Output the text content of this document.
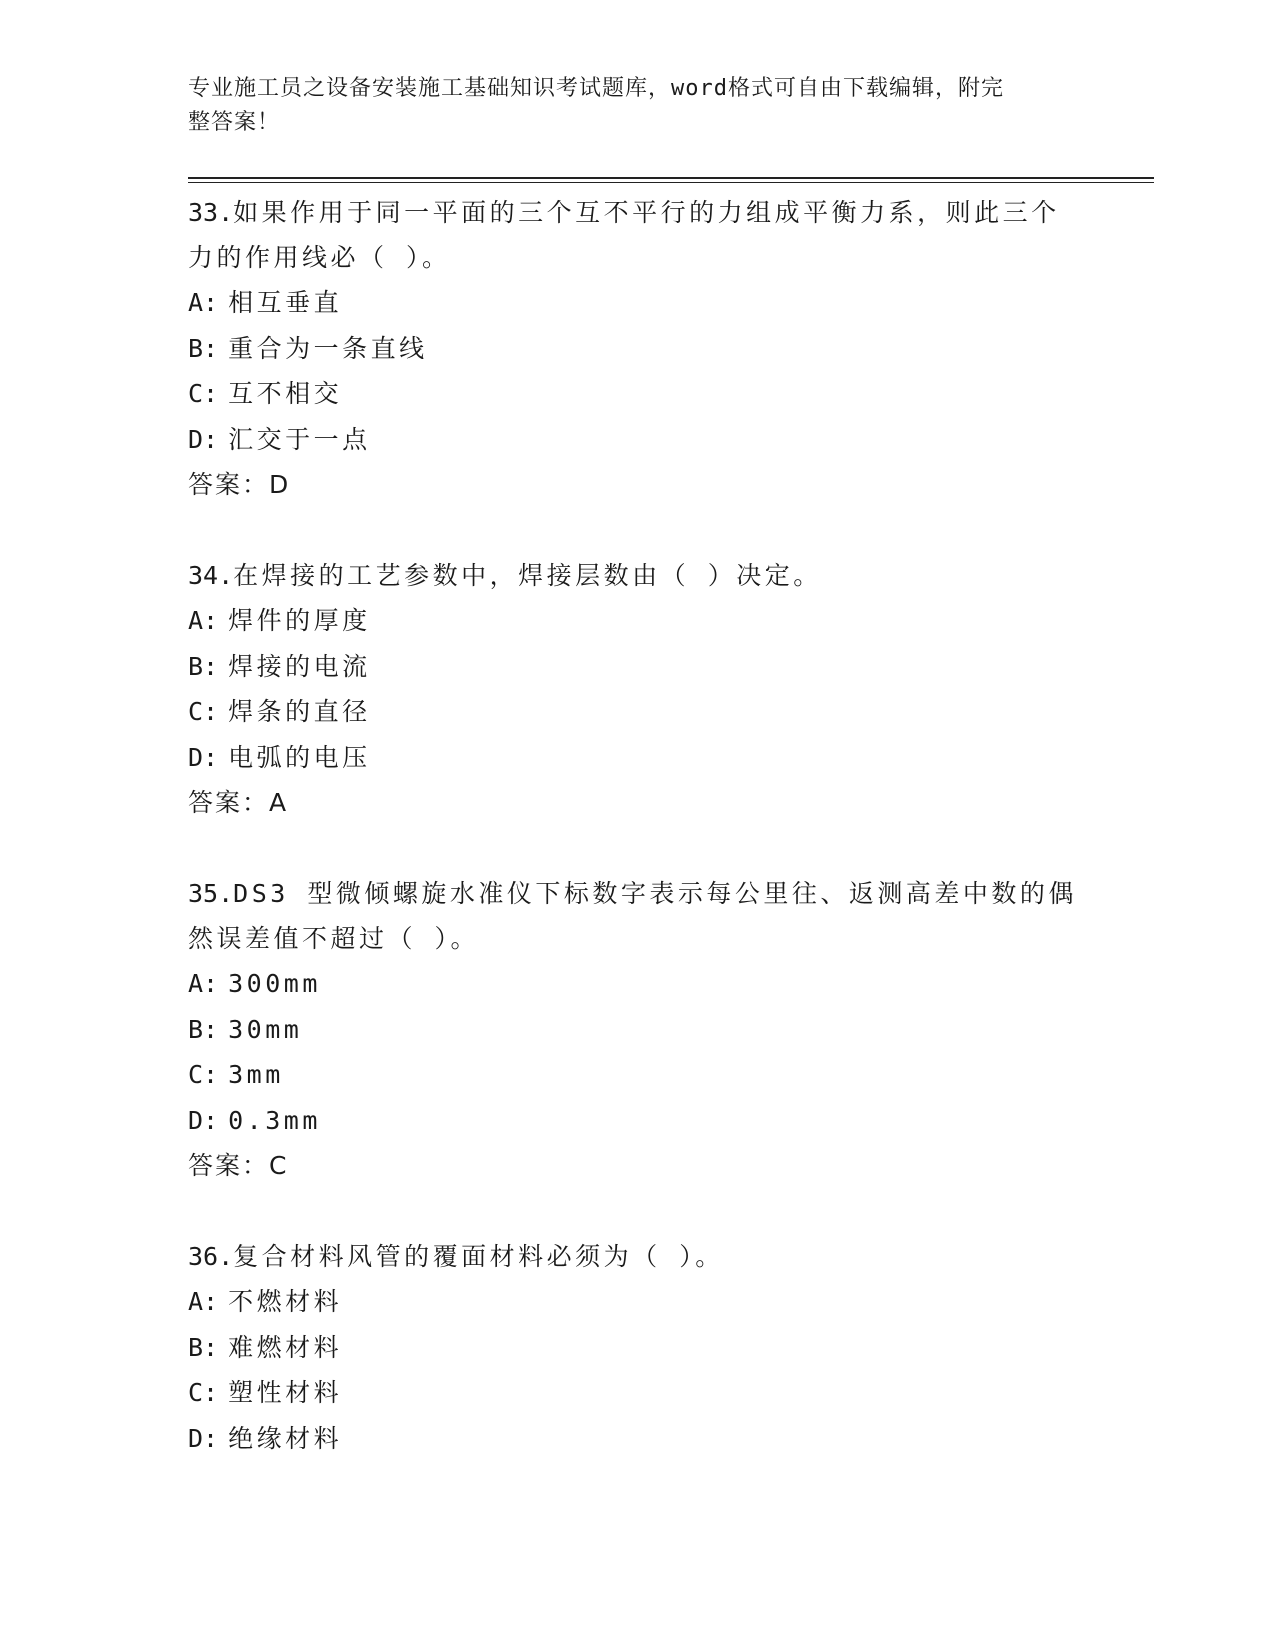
专业施工员之设备安装施工基础知识考试题库，word格式可自由下载编辑，附完
整答案！
33.如果作用于同一平面的三个互不平行的力组成平衡力系，则此三个
力的作用线必（ ）。
A: 相互垂直
B: 重合为一条直线
C: 互不相交
D: 汇交于一点
答案：D
34.在焊接的工艺参数中，焊接层数由（ ）决定。
A: 焊件的厚度
B: 焊接的电流
C: 焊条的直径
D: 电弧的电压
答案：A
35.DS3 型微倾螺旋水准仪下标数字表示每公里往、返测高差中数的偶
然误差值不超过（ ）。
A: 300mm
B: 30mm
C: 3mm
D: 0.3mm
答案：C
36.复合材料风管的覆面材料必须为（ ）。
A: 不燃材料
B: 难燃材料
C: 塑性材料
D: 绝缘材料
